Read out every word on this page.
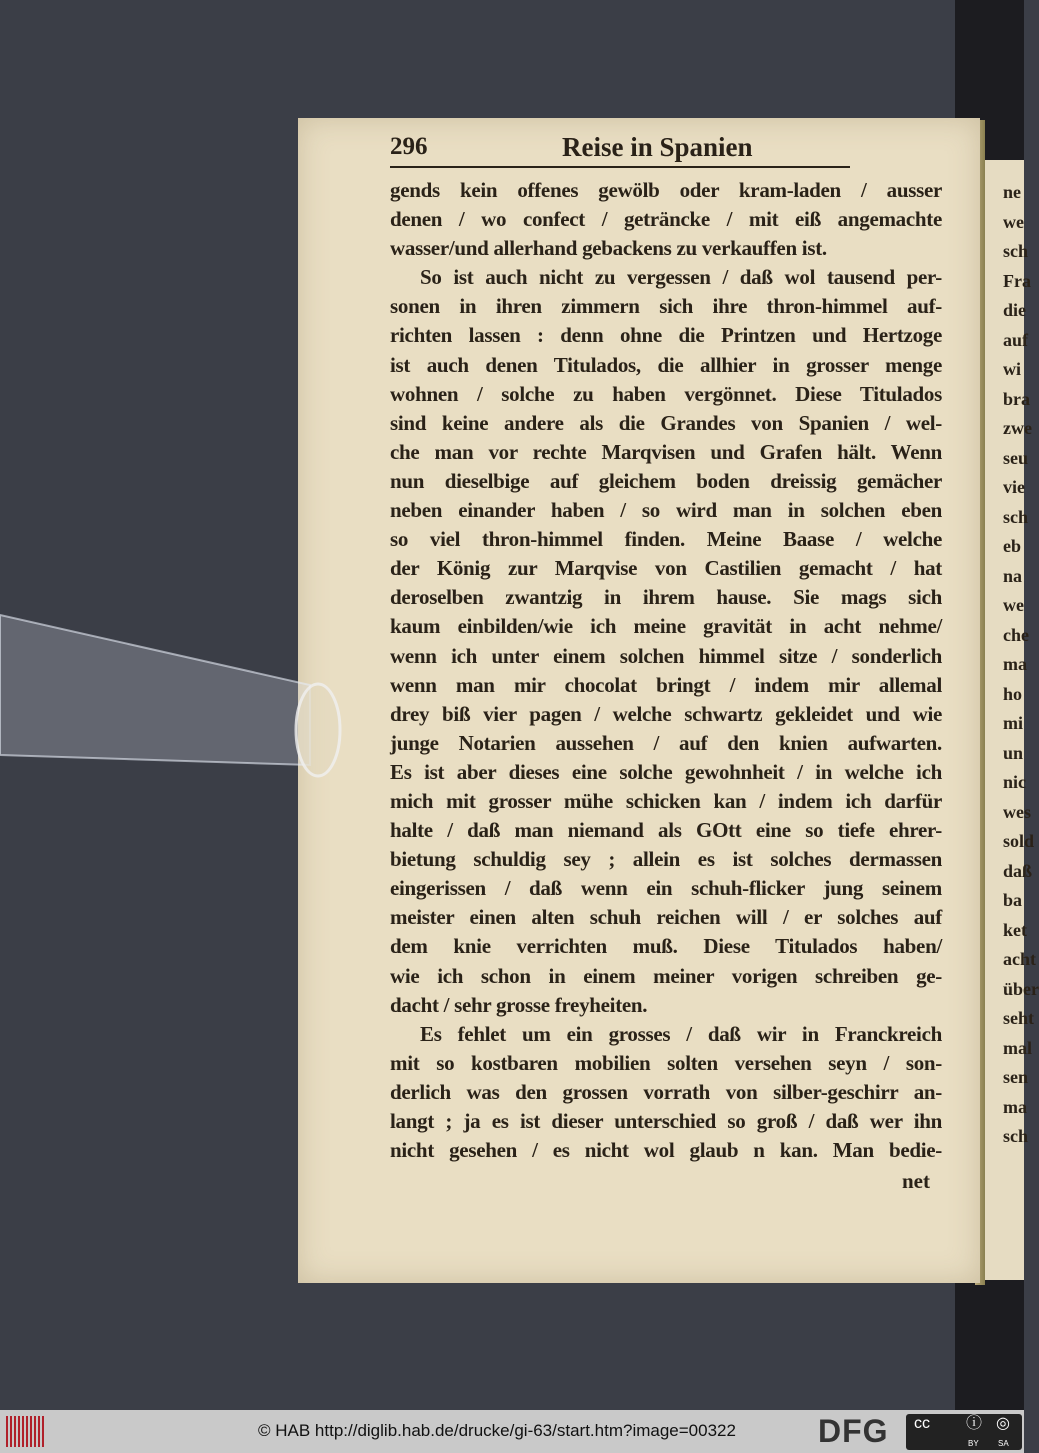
ne
we
sch
Fra
die
auf
wi
bra
zwe
seu
vie
sch
eb
na
we
che
ma
ho
mi
un
nic
wes
sold
daß
ba
ket
acht
über
seht
mal
sen
ma
sch
296	Reise in Spanien
gends kein offenes gewölb oder kram-laden / ausser
denen / wo confect / geträncke / mit eiß angemachte
wasser/und allerhand gebackens zu verkauffen ist.
So ist auch nicht zu vergessen / daß wol tausend per-
sonen in ihren zimmern sich ihre thron-himmel auf-
richten lassen : denn ohne die Printzen und Hertzoge
ist auch denen Titulados, die allhier in grosser menge
wohnen / solche zu haben vergönnet. Diese Titulados
sind keine andere als die Grandes von Spanien / wel-
che man vor rechte Marqvisen und Grafen hält. Wenn
nun dieselbige auf gleichem boden dreissig gemächer
neben einander haben / so wird man in solchen eben
so viel thron-himmel finden. Meine Baase / welche
der König zur Marqvise von Castilien gemacht / hat
deroselben zwantzig in ihrem hause. Sie mags sich
kaum einbilden/wie ich meine gravität in acht nehme/
wenn ich unter einem solchen himmel sitze / sonderlich
wenn man mir chocolat bringt / indem mir allemal
drey biß vier pagen / welche schwartz gekleidet und wie
junge Notarien aussehen / auf den knien aufwarten.
Es ist aber dieses eine solche gewohnheit / in welche ich
mich mit grosser mühe schicken kan / indem ich darfür
halte / daß man niemand als GOtt eine so tiefe ehrer-
bietung schuldig sey ; allein es ist solches dermassen
eingerissen / daß wenn ein schuh-flicker jung seinem
meister einen alten schuh reichen will / er solches auf
dem knie verrichten muß. Diese Titulados haben/
wie ich schon in einem meiner vorigen schreiben ge-
dacht / sehr grosse freyheiten.
Es fehlet um ein grosses / daß wir in Franckreich
mit so kostbaren mobilien solten versehen seyn / son-
derlich was den grossen vorrath von silber-geschirr an-
langt ; ja es ist dieser unterschied so groß / daß wer ihn
nicht gesehen / es nicht wol glaub n kan. Man bedie-
net
© HAB http://diglib.hab.de/drucke/gi-63/start.htm?image=00322	DFG cc ⓘ ◎
BY SA
